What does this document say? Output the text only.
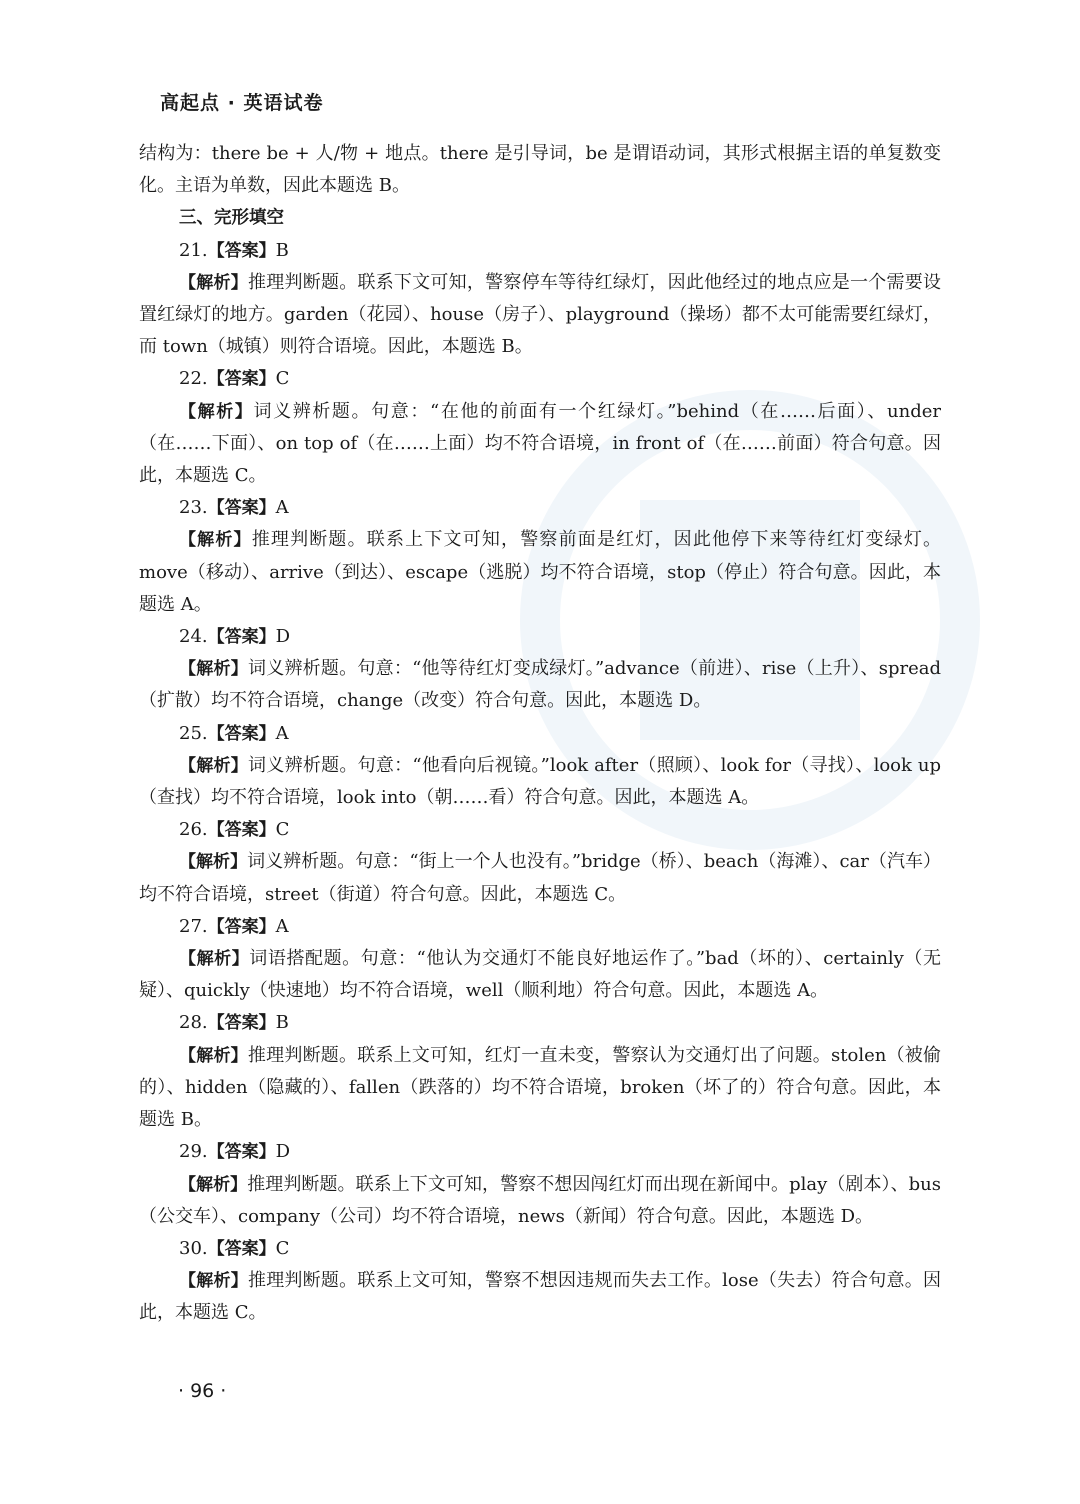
高起点 · 英语试卷

结构为：there be + 人/物 + 地点。there 是引导词，be 是谓语动词，其形式根据主语的单复数变化。主语为单数，因此本题选 B。

三、完形填空

21.【答案】B

【解析】推理判断题。联系下文可知，警察停车等待红绿灯，因此他经过的地点应是一个需要设置红绿灯的地方。garden（花园）、house（房子）、playground（操场）都不太可能需要红绿灯，而 town（城镇）则符合语境。因此，本题选 B。

22.【答案】C

【解析】词义辨析题。句意：“在他的前面有一个红绿灯。”behind（在……后面）、under（在……下面）、on top of（在……上面）均不符合语境，in front of（在……前面）符合句意。因此，本题选 C。

23.【答案】A

【解析】推理判断题。联系上下文可知，警察前面是红灯，因此他停下来等待红灯变绿灯。move（移动）、arrive（到达）、escape（逃脱）均不符合语境，stop（停止）符合句意。因此，本题选 A。

24.【答案】D

【解析】词义辨析题。句意：“他等待红灯变成绿灯。”advance（前进）、rise（上升）、spread（扩散）均不符合语境，change（改变）符合句意。因此，本题选 D。

25.【答案】A

【解析】词义辨析题。句意：“他看向后视镜。”look after（照顾）、look for（寻找）、look up（查找）均不符合语境，look into（朝……看）符合句意。因此，本题选 A。

26.【答案】C

【解析】词义辨析题。句意：“街上一个人也没有。”bridge（桥）、beach（海滩）、car（汽车）均不符合语境，street（街道）符合句意。因此，本题选 C。

27.【答案】A

【解析】词语搭配题。句意：“他认为交通灯不能良好地运作了。”bad（坏的）、certainly（无疑）、quickly（快速地）均不符合语境，well（顺利地）符合句意。因此，本题选 A。

28.【答案】B

【解析】推理判断题。联系上文可知，红灯一直未变，警察认为交通灯出了问题。stolen（被偷的）、hidden（隐藏的）、fallen（跌落的）均不符合语境，broken（坏了的）符合句意。因此，本题选 B。

29.【答案】D

【解析】推理判断题。联系上下文可知，警察不想因闯红灯而出现在新闻中。play（剧本）、bus（公交车）、company（公司）均不符合语境，news（新闻）符合句意。因此，本题选 D。

30.【答案】C

【解析】推理判断题。联系上文可知，警察不想因违规而失去工作。lose（失去）符合句意。因此，本题选 C。

· 96 ·
